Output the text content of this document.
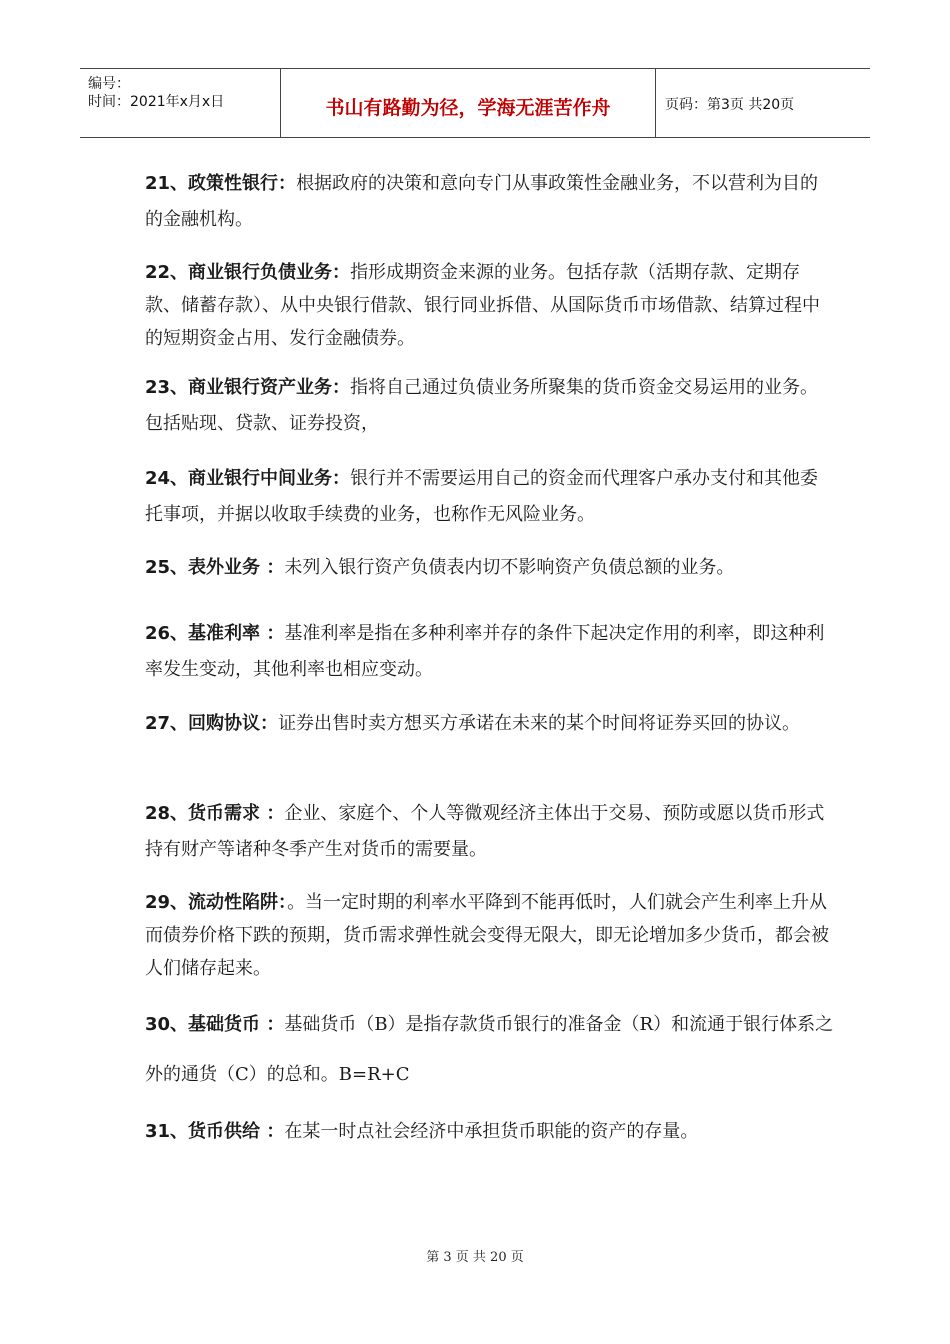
编号：
时间：2021年x月x日	书山有路勤为径，学海无涯苦作舟	页码：第3页 共20页
21、政策性银行：根据政府的决策和意向专门从事政策性金融业务，不以营利为目的的金融机构。
22、商业银行负债业务：指形成期资金来源的业务。包括存款（活期存款、定期存款、储蓄存款）、从中央银行借款、银行同业拆借、从国际货币市场借款、结算过程中的短期资金占用、发行金融债券。
23、商业银行资产业务：指将自己通过负债业务所聚集的货币资金交易运用的业务。包括贴现、贷款、证券投资，
24、商业银行中间业务：银行并不需要运用自己的资金而代理客户承办支付和其他委托事项，并据以收取手续费的业务，也称作无风险业务。
25、表外业务 ：未列入银行资产负债表内切不影响资产负债总额的业务。
26、基准利率 ：基准利率是指在多种利率并存的条件下起决定作用的利率，即这种利率发生变动，其他利率也相应变动。
27、回购协议：证券出售时卖方想买方承诺在未来的某个时间将证券买回的协议。
28、货币需求 ：企业、家庭个、个人等微观经济主体出于交易、预防或愿以货币形式持有财产等诸种冬季产生对货币的需要量。
29、流动性陷阱：。当一定时期的利率水平降到不能再低时，人们就会产生利率上升从而债券价格下跌的预期，货币需求弹性就会变得无限大，即无论增加多少货币，都会被人们储存起来。
30、基础货币 ：基础货币（B）是指存款货币银行的准备金（R）和流通于银行体系之外的通货（C）的总和。B=R+C
31、货币供给 ：在某一时点社会经济中承担货币职能的资产的存量。
第 3 页 共 20 页
